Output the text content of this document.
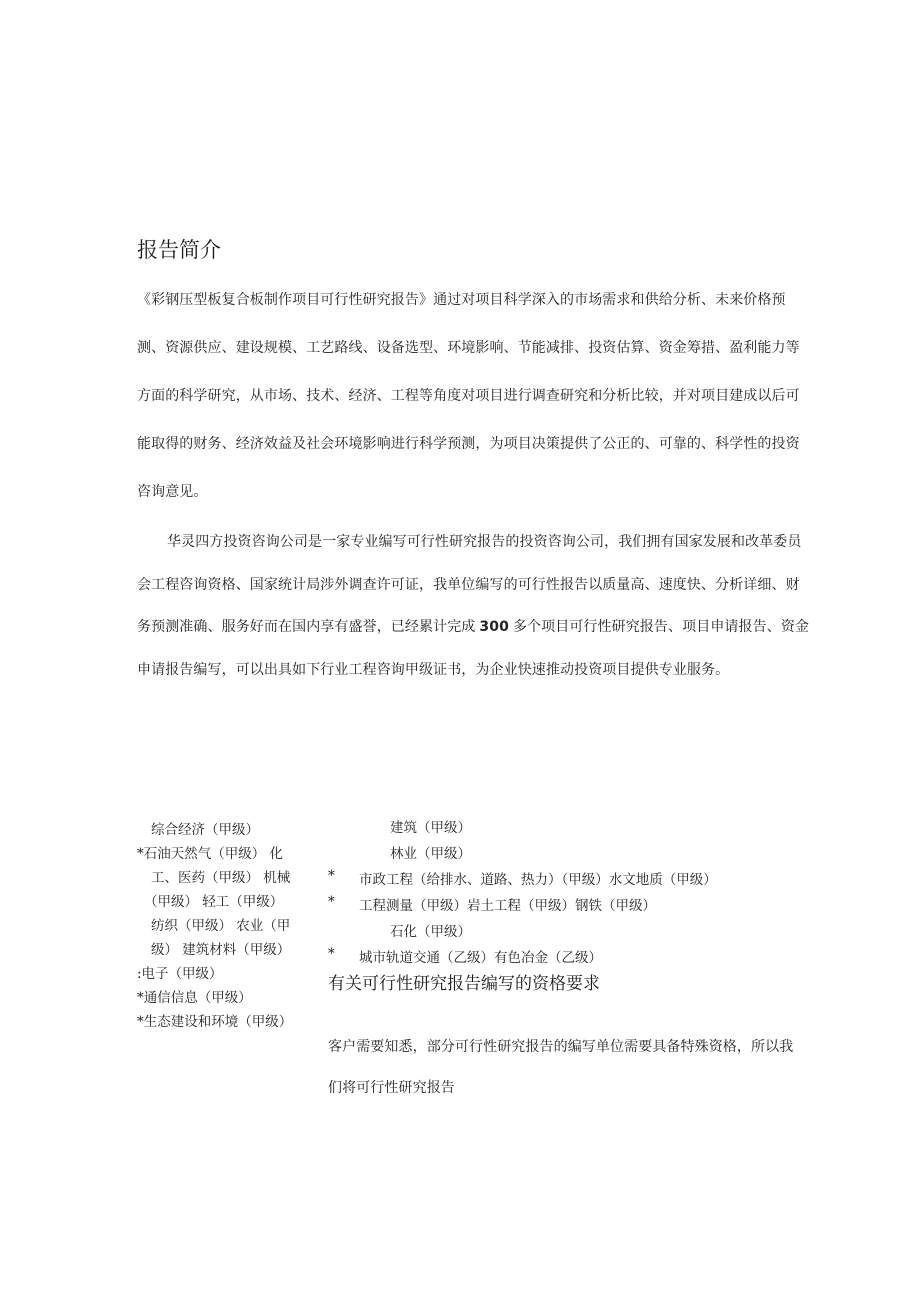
报告简介
《彩钢压型板复合板制作项目可行性研究报告》通过对项目科学深入的市场需求和供给分析、未来价格预
测、资源供应、建设规模、工艺路线、设备选型、环境影响、节能减排、投资估算、资金筹措、盈利能力等
方面的科学研究，从市场、技术、经济、工程等角度对项目进行调查研究和分析比较，并对项目建成以后可
能取得的财务、经济效益及社会环境影响进行科学预测，为项目决策提供了公正的、可靠的、科学性的投资
咨询意见。
华灵四方投资咨询公司是一家专业编写可行性研究报告的投资咨询公司，我们拥有国家发展和改革委员
会工程咨询资格、国家统计局涉外调查许可证，我单位编写的可行性报告以质量高、速度快、分析详细、财
务预测准确、服务好而在国内享有盛誉，已经累计完成 300 多个项目可行性研究报告、项目申请报告、资金
申请报告编写，可以出具如下行业工程咨询甲级证书，为企业快速推动投资项目提供专业服务。
综合经济（甲级）
*石油天然气（甲级） 化
工、医药（甲级） 机械
（甲级） 轻工（甲级）
纺织（甲级） 农业（甲
级） 建筑材料（甲级）
:电子（甲级）
*通信信息（甲级）
*生态建设和环境（甲级）
建筑（甲级）
林业（甲级）
* 市政工程（给排水、道路、热力）（甲级）水文地质（甲级）
* 工程测量（甲级）岩土工程（甲级）钢铁（甲级）
石化（甲级）
* 城市轨道交通（乙级）有色冶金（乙级）
有关可行性研究报告编写的资格要求
客户需要知悉，部分可行性研究报告的编写单位需要具备特殊资格，所以我
们将可行性研究报告
